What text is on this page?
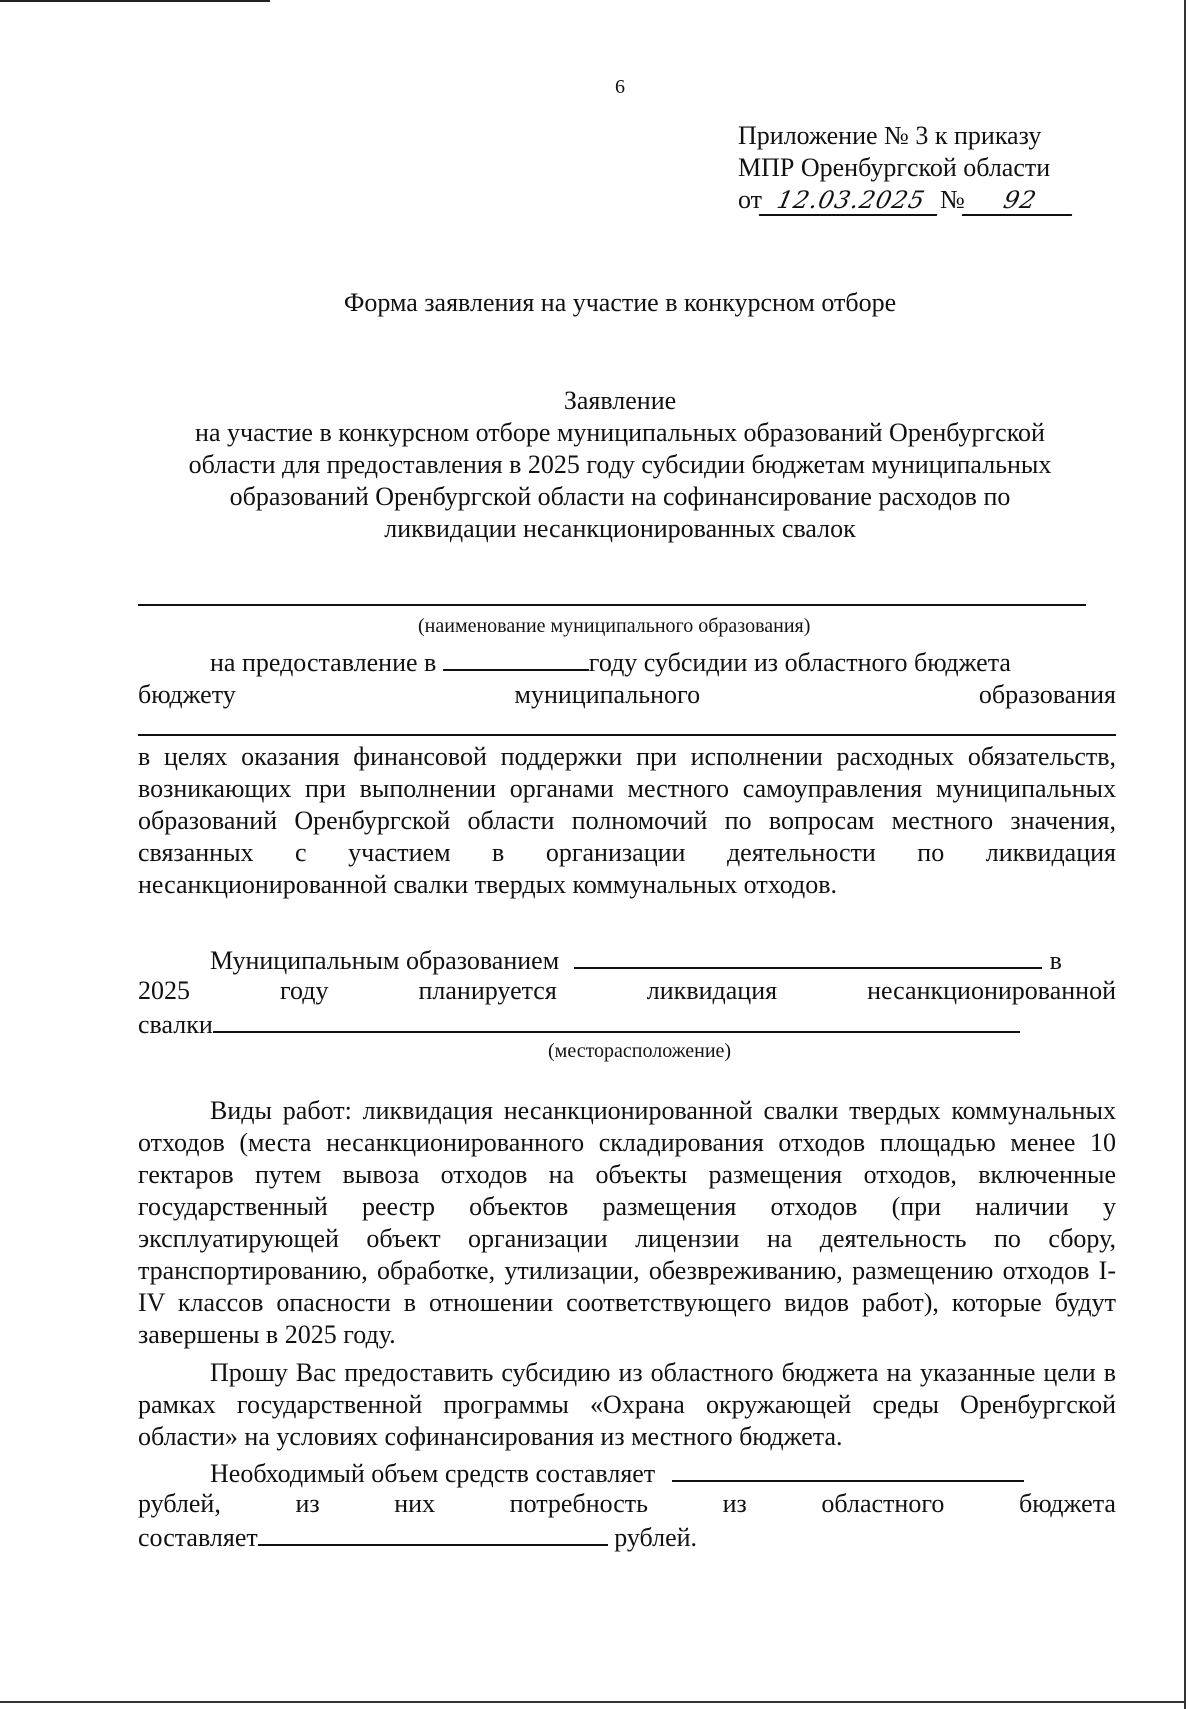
6
Приложение № 3 к приказу
МПР Оренбургской области
от 12.03.2025 № 92
Форма заявления на участие в конкурсном отборе
Заявление
на участие в конкурсном отборе муниципальных образований Оренбургской
области для предоставления в 2025 году субсидии бюджетам муниципальных
образований Оренбургской области на софинансирование расходов по
ликвидации несанкционированных свалок
(наименование муниципального образования)
на предоставление в	году субсидии из областного бюджета
бюджету	муниципального	образования
в целях оказания финансовой поддержки при исполнении расходных обязательств, возникающих при выполнении органами местного самоуправления муниципальных образований Оренбургской области полномочий по вопросам местного значения, связанных с участием в организации деятельности по ликвидация несанкционированной свалки твердых коммунальных отходов.
Муниципальным образованием	в
2025	году	планируется	ликвидация	несанкционированной
свалки
(месторасположение)
Виды работ: ликвидация несанкционированной свалки твердых коммунальных отходов (места несанкционированного складирования отходов площадью менее 10 гектаров путем вывоза отходов на объекты размещения отходов, включенные государственный реестр объектов размещения отходов (при наличии у эксплуатирующей объект организации лицензии на деятельность по сбору, транспортированию, обработке, утилизации, обезвреживанию, размещению отходов I-IV классов опасности в отношении соответствующего видов работ), которые будут завершены в 2025 году.
Прошу Вас предоставить субсидию из областного бюджета на указанные цели в рамках государственной программы «Охрана окружающей среды Оренбургской области» на условиях софинансирования из местного бюджета.
Необходимый объем средств составляет
рублей,	из	них	потребность	из	областного	бюджета
составляет	рублей.
